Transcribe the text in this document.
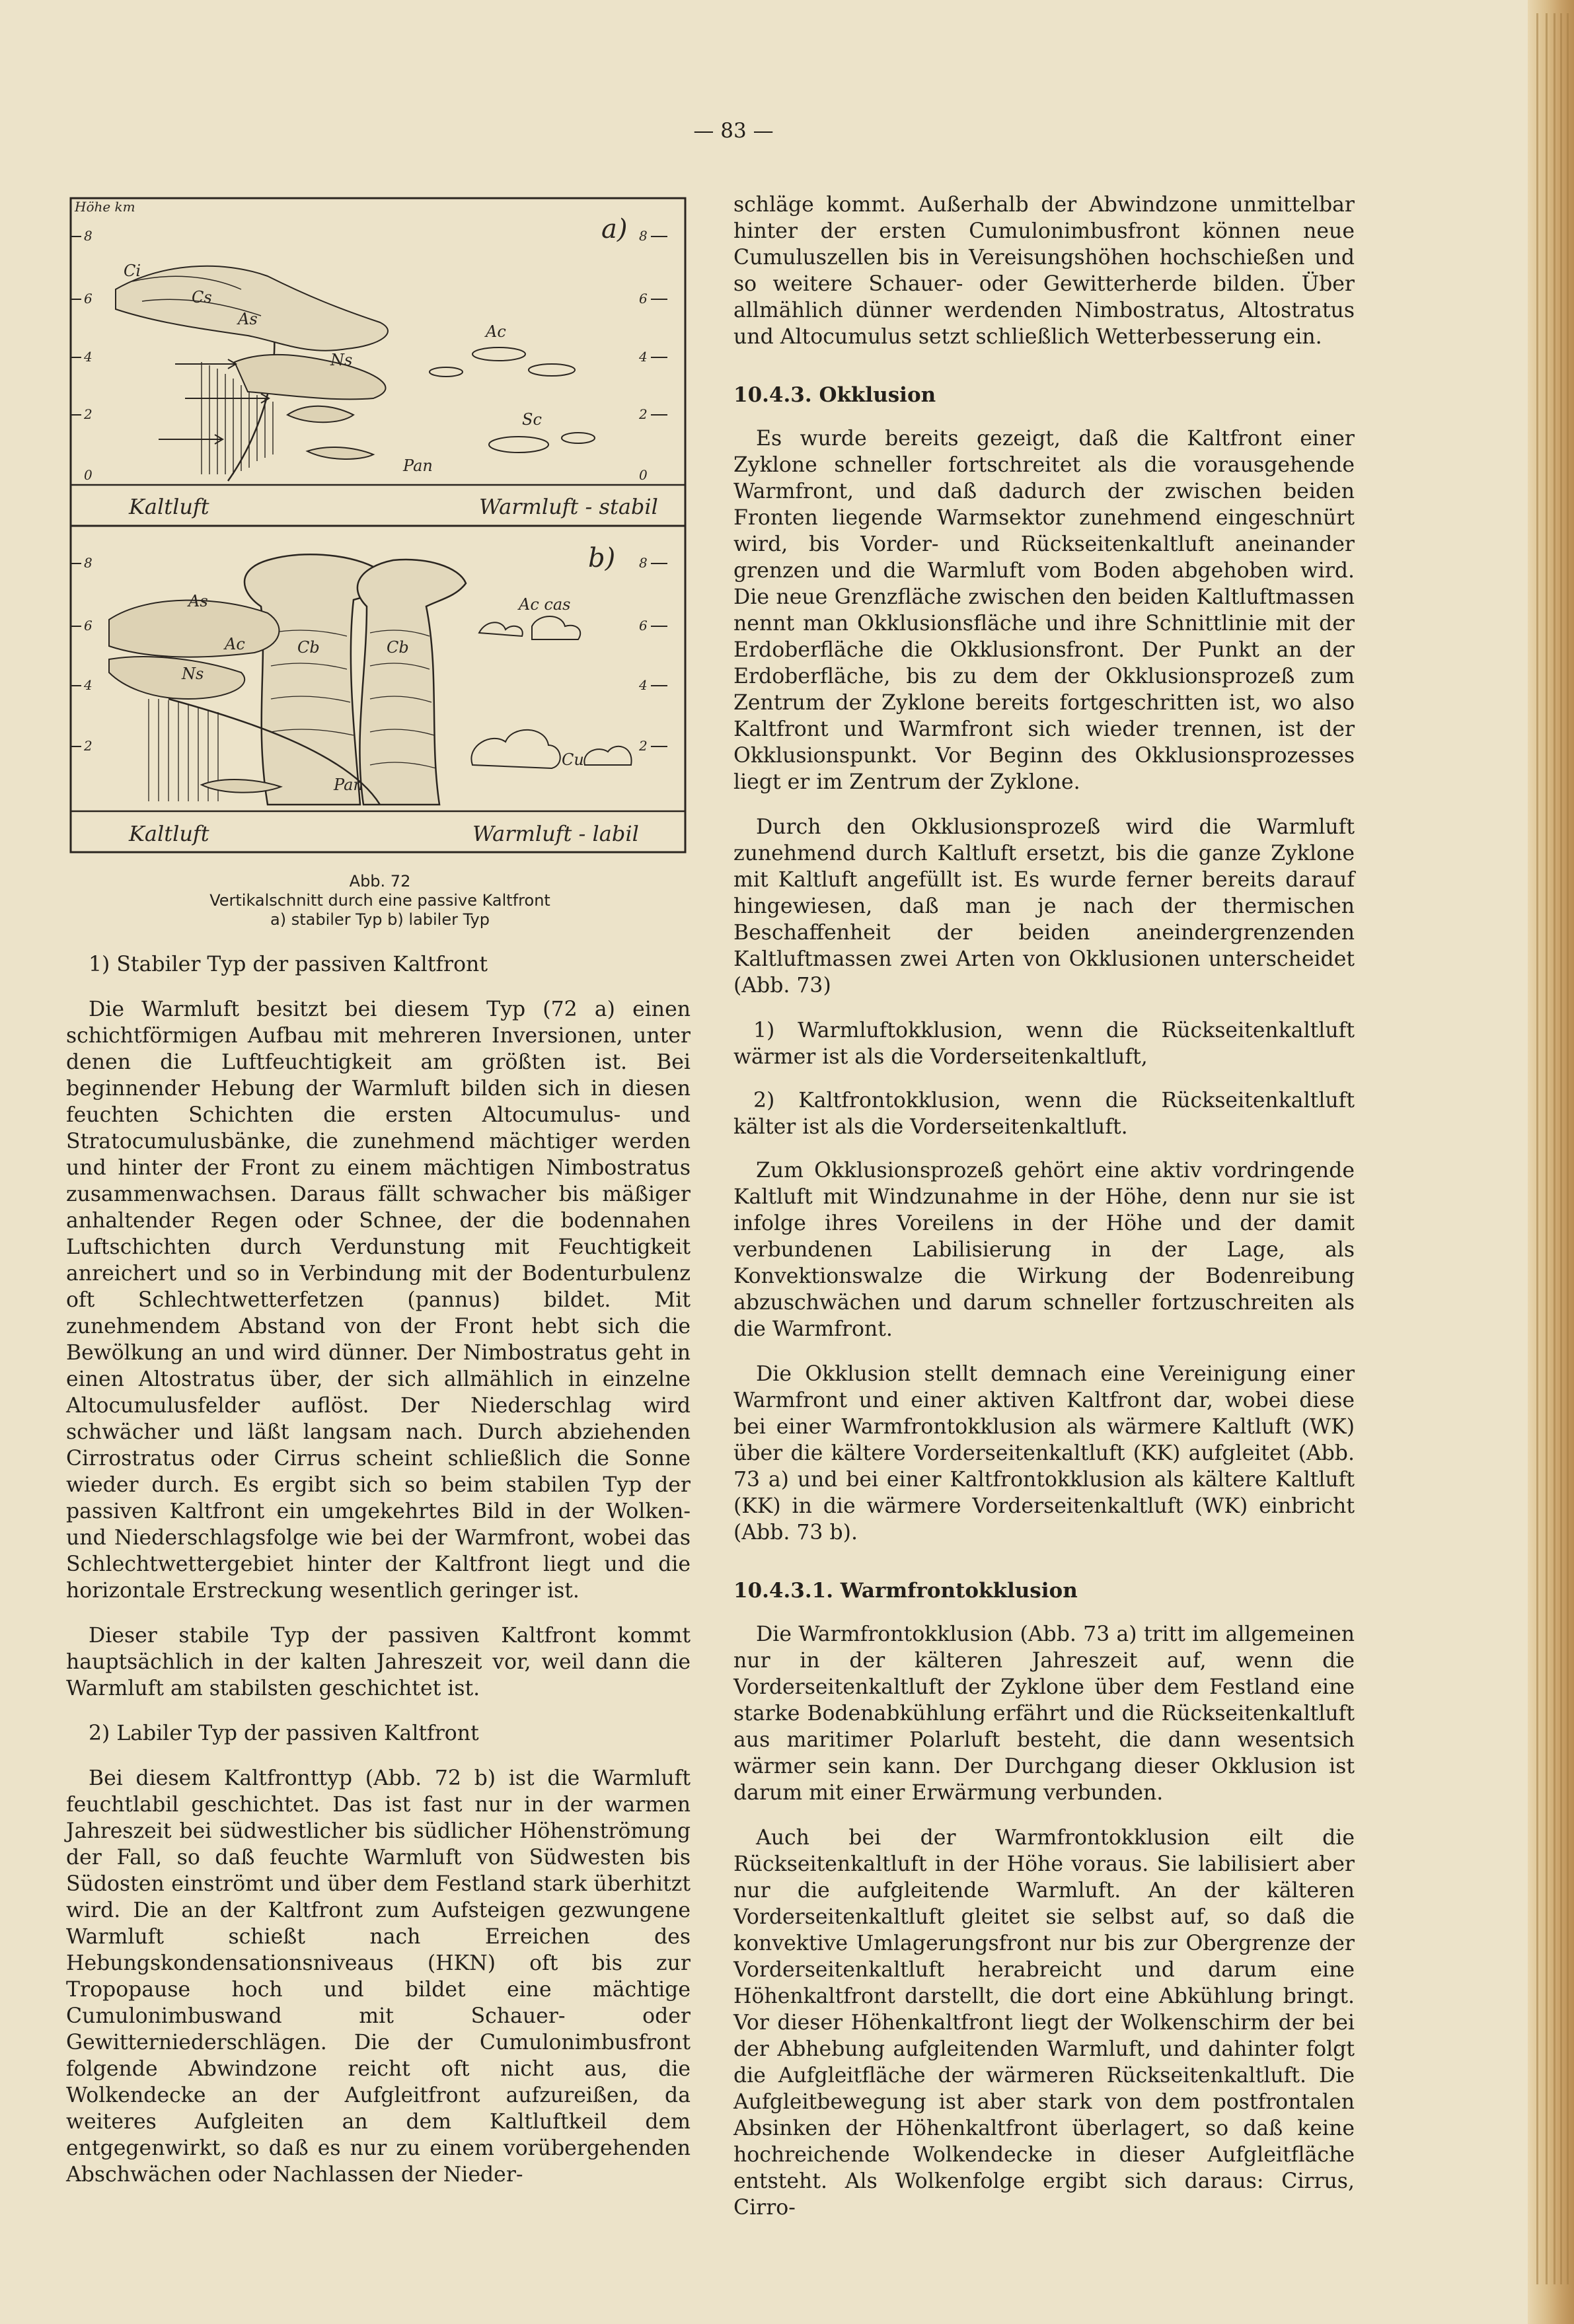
— 83 —
Höhe km
a)
8
6
4
2
0
8
6
4
2
0
Ci
Cs
As
Ns
Ac
Sc
Pan
Kaltluft	Warmluft - stabil
b)
8
6
4
2
8
6
4
2
As
Ac
Ns
Cb	Cb
Ac cas
Cu
Pan
Kaltluft	Warmluft - labil
Abb. 72
Vertikalschnitt durch eine passive Kaltfront
a) stabiler Typ b) labiler Typ

1) Stabiler Typ der passiven Kaltfront

Die Warmluft besitzt bei diesem Typ (72 a) einen schichtförmigen Aufbau mit mehreren Inversionen, unter denen die Luftfeuchtigkeit am größten ist. Bei beginnender Hebung der Warmluft bilden sich in diesen feuchten Schichten die ersten Altocumulus- und Stratocumulusbänke, die zunehmend mächtiger werden und hinter der Front zu einem mächtigen Nimbostratus zusammenwachsen. Daraus fällt schwacher bis mäßiger anhaltender Regen oder Schnee, der die bodennahen Luftschichten durch Verdunstung mit Feuchtigkeit anreichert und so in Verbindung mit der Bodenturbulenz oft Schlechtwetterfetzen (pannus) bildet. Mit zunehmendem Abstand von der Front hebt sich die Bewölkung an und wird dünner. Der Nimbostratus geht in einen Altostratus über, der sich allmählich in einzelne Altocumulusfelder auflöst. Der Niederschlag wird schwächer und läßt langsam nach. Durch abziehenden Cirrostratus oder Cirrus scheint schließlich die Sonne wieder durch. Es ergibt sich so beim stabilen Typ der passiven Kaltfront ein umgekehrtes Bild in der Wolken- und Niederschlagsfolge wie bei der Warmfront, wobei das Schlechtwettergebiet hinter der Kaltfront liegt und die horizontale Erstreckung wesentlich geringer ist.

Dieser stabile Typ der passiven Kaltfront kommt hauptsächlich in der kalten Jahreszeit vor, weil dann die Warmluft am stabilsten geschichtet ist.

2) Labiler Typ der passiven Kaltfront

Bei diesem Kaltfronttyp (Abb. 72 b) ist die Warmluft feuchtlabil geschichtet. Das ist fast nur in der warmen Jahreszeit bei südwestlicher bis südlicher Höhenströmung der Fall, so daß feuchte Warmluft von Südwesten bis Südosten einströmt und über dem Festland stark überhitzt wird. Die an der Kaltfront zum Aufsteigen gezwungene Warmluft schießt nach Erreichen des Hebungskondensationsniveaus (HKN) oft bis zur Tropopause hoch und bildet eine mächtige Cumulonimbuswand mit Schauer- oder Gewitterniederschlägen. Die der Cumulonimbusfront folgende Abwindzone reicht oft nicht aus, die Wolkendecke an der Aufgleitfront aufzureißen, da weiteres Aufgleiten an dem Kaltluftkeil dem entgegenwirkt, so daß es nur zu einem vorübergehenden Abschwächen oder Nachlassen der Nieder-

schläge kommt. Außerhalb der Abwindzone unmittelbar hinter der ersten Cumulonimbusfront können neue Cumuluszellen bis in Vereisungshöhen hochschießen und so weitere Schauer- oder Gewitterherde bilden. Über allmählich dünner werdenden Nimbostratus, Altostratus und Altocumulus setzt schließlich Wetterbesserung ein.

10.4.3. Okklusion

Es wurde bereits gezeigt, daß die Kaltfront einer Zyklone schneller fortschreitet als die vorausgehende Warmfront, und daß dadurch der zwischen beiden Fronten liegende Warmsektor zunehmend eingeschnürt wird, bis Vorder- und Rückseitenkaltluft aneinander grenzen und die Warmluft vom Boden abgehoben wird. Die neue Grenzfläche zwischen den beiden Kaltluftmassen nennt man Okklusionsfläche und ihre Schnittlinie mit der Erdoberfläche die Okklusionsfront. Der Punkt an der Erdoberfläche, bis zu dem der Okklusionsprozeß zum Zentrum der Zyklone bereits fortgeschritten ist, wo also Kaltfront und Warmfront sich wieder trennen, ist der Okklusionspunkt. Vor Beginn des Okklusionsprozesses liegt er im Zentrum der Zyklone.

Durch den Okklusionsprozeß wird die Warmluft zunehmend durch Kaltluft ersetzt, bis die ganze Zyklone mit Kaltluft angefüllt ist. Es wurde ferner bereits darauf hingewiesen, daß man je nach der thermischen Beschaffenheit der beiden aneindergrenzenden Kaltluftmassen zwei Arten von Okklusionen unterscheidet (Abb. 73)

1) Warmluftokklusion, wenn die Rückseitenkaltluft wärmer ist als die Vorderseitenkaltluft,

2) Kaltfrontokklusion, wenn die Rückseitenkaltluft kälter ist als die Vorderseitenkaltluft.

Zum Okklusionsprozeß gehört eine aktiv vordringende Kaltluft mit Windzunahme in der Höhe, denn nur sie ist infolge ihres Voreilens in der Höhe und der damit verbundenen Labilisierung in der Lage, als Konvektionswalze die Wirkung der Bodenreibung abzuschwächen und darum schneller fortzuschreiten als die Warmfront.

Die Okklusion stellt demnach eine Vereinigung einer Warmfront und einer aktiven Kaltfront dar, wobei diese bei einer Warmfrontokklusion als wärmere Kaltluft (WK) über die kältere Vorderseitenkaltluft (KK) aufgleitet (Abb. 73 a) und bei einer Kaltfrontokklusion als kältere Kaltluft (KK) in die wärmere Vorderseitenkaltluft (WK) einbricht (Abb. 73 b).

10.4.3.1. Warmfrontokklusion

Die Warmfrontokklusion (Abb. 73 a) tritt im allgemeinen nur in der kälteren Jahreszeit auf, wenn die Vorderseitenkaltluft der Zyklone über dem Festland eine starke Bodenabkühlung erfährt und die Rückseitenkaltluft aus maritimer Polarluft besteht, die dann wesentsich wärmer sein kann. Der Durchgang dieser Okklusion ist darum mit einer Erwärmung verbunden.

Auch bei der Warmfrontokklusion eilt die Rückseitenkaltluft in der Höhe voraus. Sie labilisiert aber nur die aufgleitende Warmluft. An der kälteren Vorderseitenkaltluft gleitet sie selbst auf, so daß die konvektive Umlagerungsfront nur bis zur Obergrenze der Vorderseitenkaltluft herabreicht und darum eine Höhenkaltfront darstellt, die dort eine Abkühlung bringt. Vor dieser Höhenkaltfront liegt der Wolkenschirm der bei der Abhebung aufgleitenden Warmluft, und dahinter folgt die Aufgleitfläche der wärmeren Rückseitenkaltluft. Die Aufgleitbewegung ist aber stark von dem postfrontalen Absinken der Höhenkaltfront überlagert, so daß keine hochreichende Wolkendecke in dieser Aufgleitfläche entsteht. Als Wolkenfolge ergibt sich daraus: Cirrus, Cirro-
